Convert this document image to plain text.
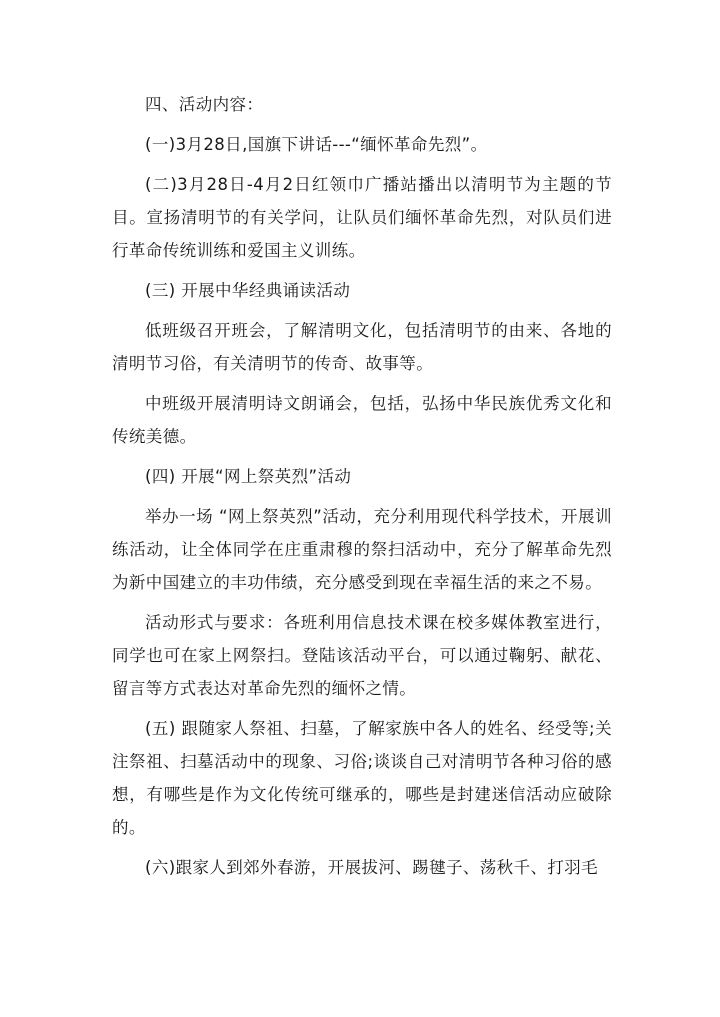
四、活动内容：

(一)3月28日,国旗下讲话---“缅怀革命先烈”。

(二)3月28日-4月2日红领巾广播站播出以清明节为主题的节目。宣扬清明节的有关学问，让队员们缅怀革命先烈，对队员们进行革命传统训练和爱国主义训练。

(三) 开展中华经典诵读活动

低班级召开班会，了解清明文化，包括清明节的由来、各地的清明节习俗，有关清明节的传奇、故事等。

中班级开展清明诗文朗诵会，包括，弘扬中华民族优秀文化和传统美德。

(四) 开展“网上祭英烈”活动

举办一场 “网上祭英烈”活动，充分利用现代科学技术，开展训练活动，让全体同学在庄重肃穆的祭扫活动中，充分了解革命先烈为新中国建立的丰功伟绩，充分感受到现在幸福生活的来之不易。

活动形式与要求：各班利用信息技术课在校多媒体教室进行，同学也可在家上网祭扫。登陆该活动平台，可以通过鞠躬、献花、留言等方式表达对革命先烈的缅怀之情。

(五) 跟随家人祭祖、扫墓，了解家族中各人的姓名、经受等;关注祭祖、扫墓活动中的现象、习俗;谈谈自己对清明节各种习俗的感想，有哪些是作为文化传统可继承的，哪些是封建迷信活动应破除的。

(六)跟家人到郊外春游，开展拔河、踢毽子、荡秋千、打羽毛
